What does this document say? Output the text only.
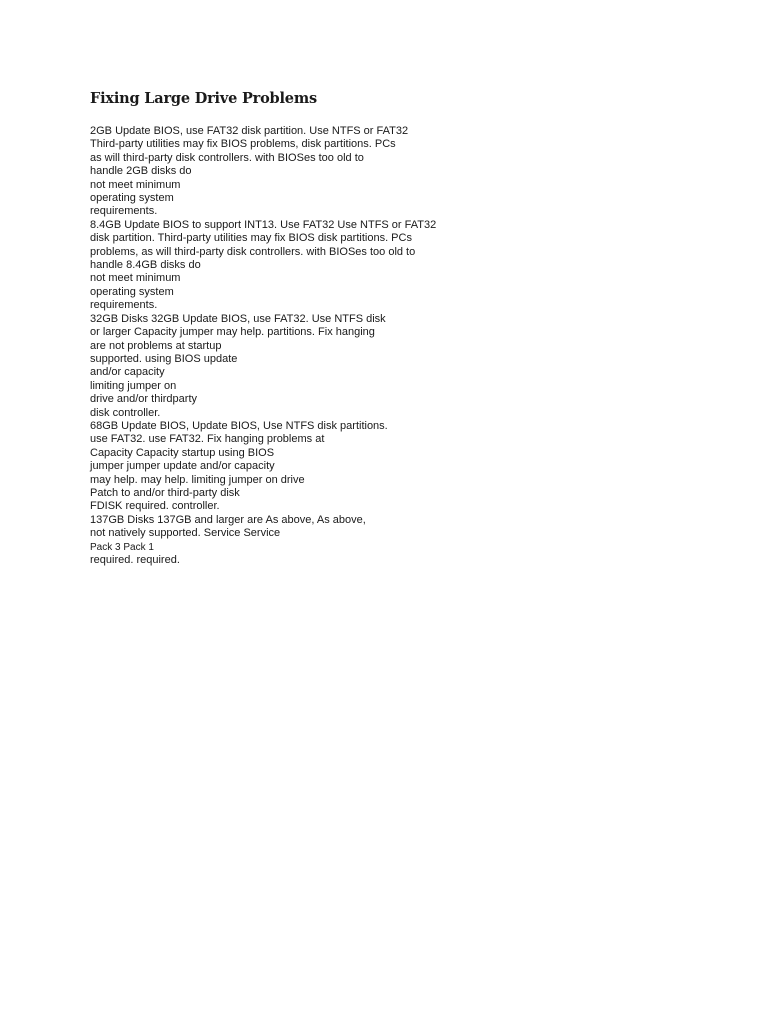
Fixing Large Drive Problems
2GB Update BIOS, use FAT32 disk partition. Use NTFS or FAT32
Third-party utilities may fix BIOS problems, disk partitions. PCs
as will third-party disk controllers. with BIOSes too old to
handle 2GB disks do
not meet minimum
operating system
requirements.
8.4GB Update BIOS to support INT13. Use FAT32 Use NTFS or FAT32
disk partition. Third-party utilities may fix BIOS disk partitions. PCs
problems, as will third-party disk controllers. with BIOSes too old to
handle 8.4GB disks do
not meet minimum
operating system
requirements.
32GB Disks 32GB Update BIOS, use FAT32. Use NTFS disk
or larger Capacity jumper may help. partitions. Fix hanging
are not problems at startup
supported. using BIOS update
and/or capacity
limiting jumper on
drive and/or thirdparty
disk controller.
68GB Update BIOS, Update BIOS, Use NTFS disk partitions.
use FAT32. use FAT32. Fix hanging problems at
Capacity Capacity startup using BIOS
jumper jumper update and/or capacity
may help. may help. limiting jumper on drive
Patch to and/or third-party disk
FDISK required. controller.
137GB Disks 137GB and larger are As above, As above,
not natively supported. Service Service
Pack 3 Pack 1
required. required.
